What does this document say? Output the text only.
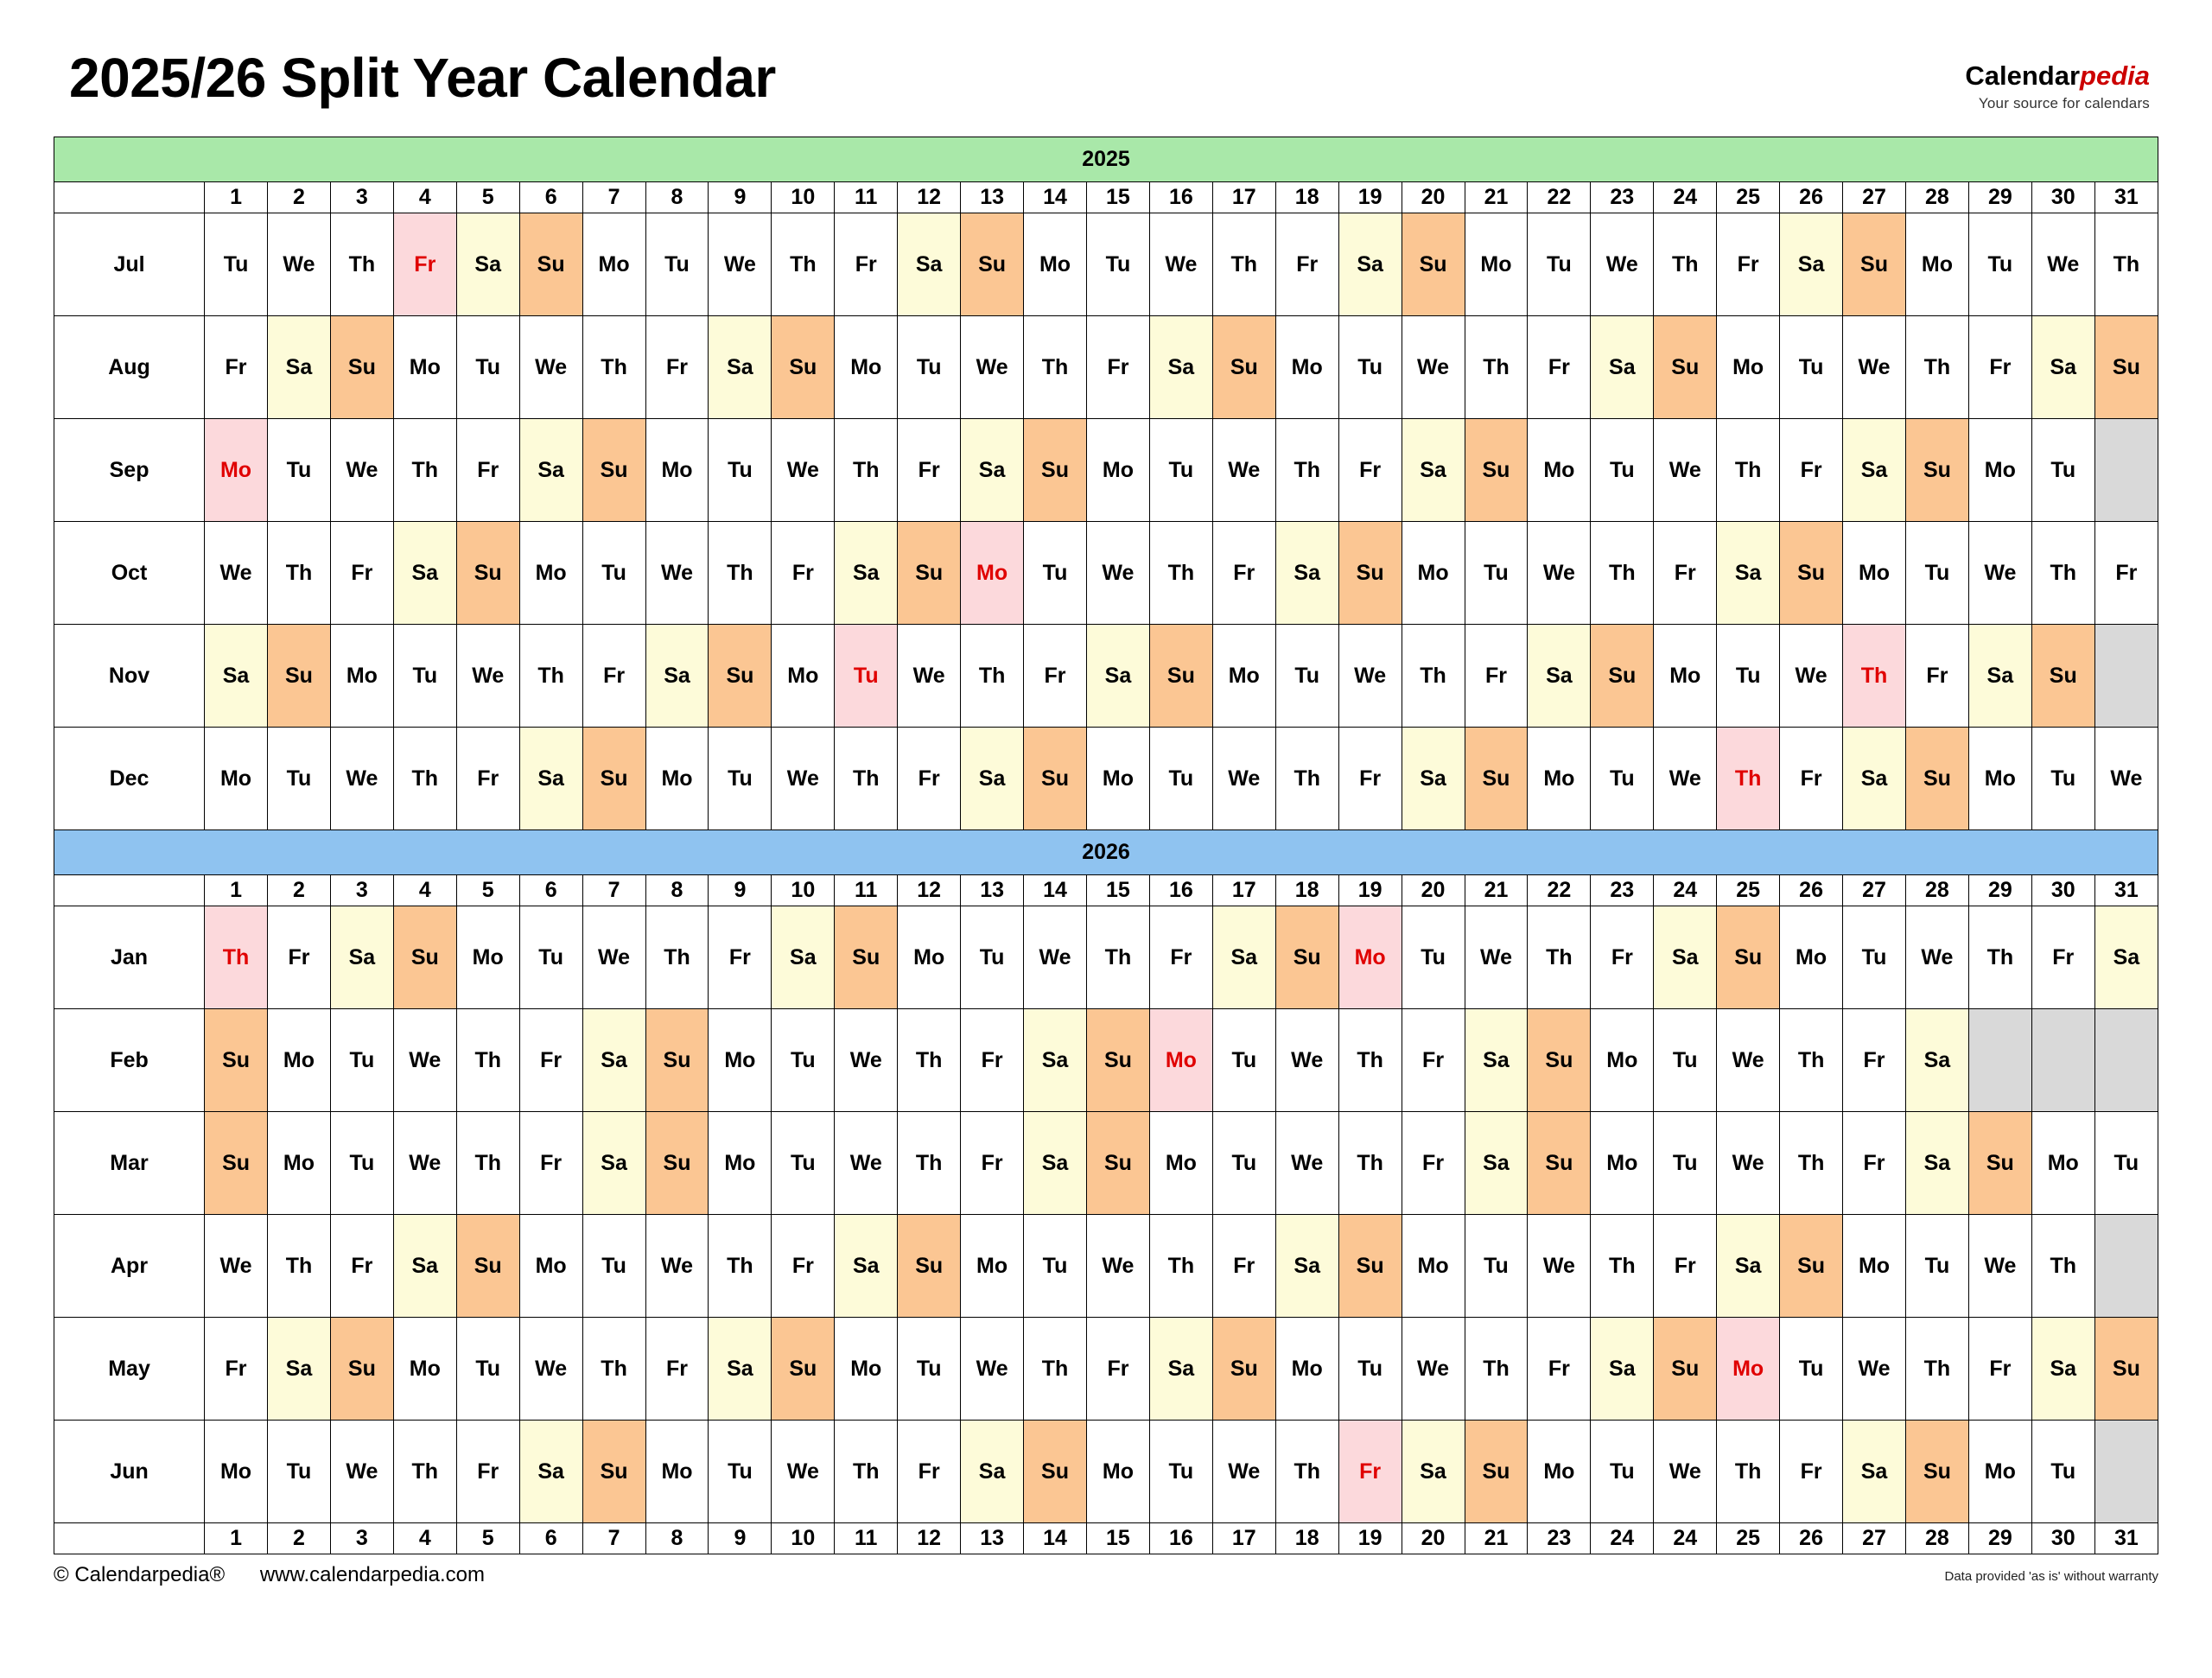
2025/26 Split Year Calendar	Calendarpedia
Your source for calendars
2025																															
	1	2	3	4	5	6	7	8	9	10	11	12	13	14	15	16	17	18	19	20	21	22	23	24	25	26	27	28	29	30	31
Jul	Tu	We	Th	Fr	Sa	Su	Mo	Tu	We	Th	Fr	Sa	Su	Mo	Tu	We	Th	Fr	Sa	Su	Mo	Tu	We	Th	Fr	Sa	Su	Mo	Tu	We	Th
Aug	Fr	Sa	Su	Mo	Tu	We	Th	Fr	Sa	Su	Mo	Tu	We	Th	Fr	Sa	Su	Mo	Tu	We	Th	Fr	Sa	Su	Mo	Tu	We	Th	Fr	Sa	Su
Sep	Mo	Tu	We	Th	Fr	Sa	Su	Mo	Tu	We	Th	Fr	Sa	Su	Mo	Tu	We	Th	Fr	Sa	Su	Mo	Tu	We	Th	Fr	Sa	Su	Mo	Tu	
Oct	We	Th	Fr	Sa	Su	Mo	Tu	We	Th	Fr	Sa	Su	Mo	Tu	We	Th	Fr	Sa	Su	Mo	Tu	We	Th	Fr	Sa	Su	Mo	Tu	We	Th	Fr
Nov	Sa	Su	Mo	Tu	We	Th	Fr	Sa	Su	Mo	Tu	We	Th	Fr	Sa	Su	Mo	Tu	We	Th	Fr	Sa	Su	Mo	Tu	We	Th	Fr	Sa	Su	
Dec	Mo	Tu	We	Th	Fr	Sa	Su	Mo	Tu	We	Th	Fr	Sa	Su	Mo	Tu	We	Th	Fr	Sa	Su	Mo	Tu	We	Th	Fr	Sa	Su	Mo	Tu	We
2026																															
	1	2	3	4	5	6	7	8	9	10	11	12	13	14	15	16	17	18	19	20	21	22	23	24	25	26	27	28	29	30	31
Jan	Th	Fr	Sa	Su	Mo	Tu	We	Th	Fr	Sa	Su	Mo	Tu	We	Th	Fr	Sa	Su	Mo	Tu	We	Th	Fr	Sa	Su	Mo	Tu	We	Th	Fr	Sa
Feb	Su	Mo	Tu	We	Th	Fr	Sa	Su	Mo	Tu	We	Th	Fr	Sa	Su	Mo	Tu	We	Th	Fr	Sa	Su	Mo	Tu	We	Th	Fr	Sa			
Mar	Su	Mo	Tu	We	Th	Fr	Sa	Su	Mo	Tu	We	Th	Fr	Sa	Su	Mo	Tu	We	Th	Fr	Sa	Su	Mo	Tu	We	Th	Fr	Sa	Su	Mo	Tu
Apr	We	Th	Fr	Sa	Su	Mo	Tu	We	Th	Fr	Sa	Su	Mo	Tu	We	Th	Fr	Sa	Su	Mo	Tu	We	Th	Fr	Sa	Su	Mo	Tu	We	Th	
May	Fr	Sa	Su	Mo	Tu	We	Th	Fr	Sa	Su	Mo	Tu	We	Th	Fr	Sa	Su	Mo	Tu	We	Th	Fr	Sa	Su	Mo	Tu	We	Th	Fr	Sa	Su
Jun	Mo	Tu	We	Th	Fr	Sa	Su	Mo	Tu	We	Th	Fr	Sa	Su	Mo	Tu	We	Th	Fr	Sa	Su	Mo	Tu	We	Th	Fr	Sa	Su	Mo	Tu	
	1	2	3	4	5	6	7	8	9	10	11	12	13	14	15	16	17	18	19	20	21	23	24	24	25	26	27	28	29	30	31
© Calendarpedia® www.calendarpedia.com	Data provided 'as is' without warranty
